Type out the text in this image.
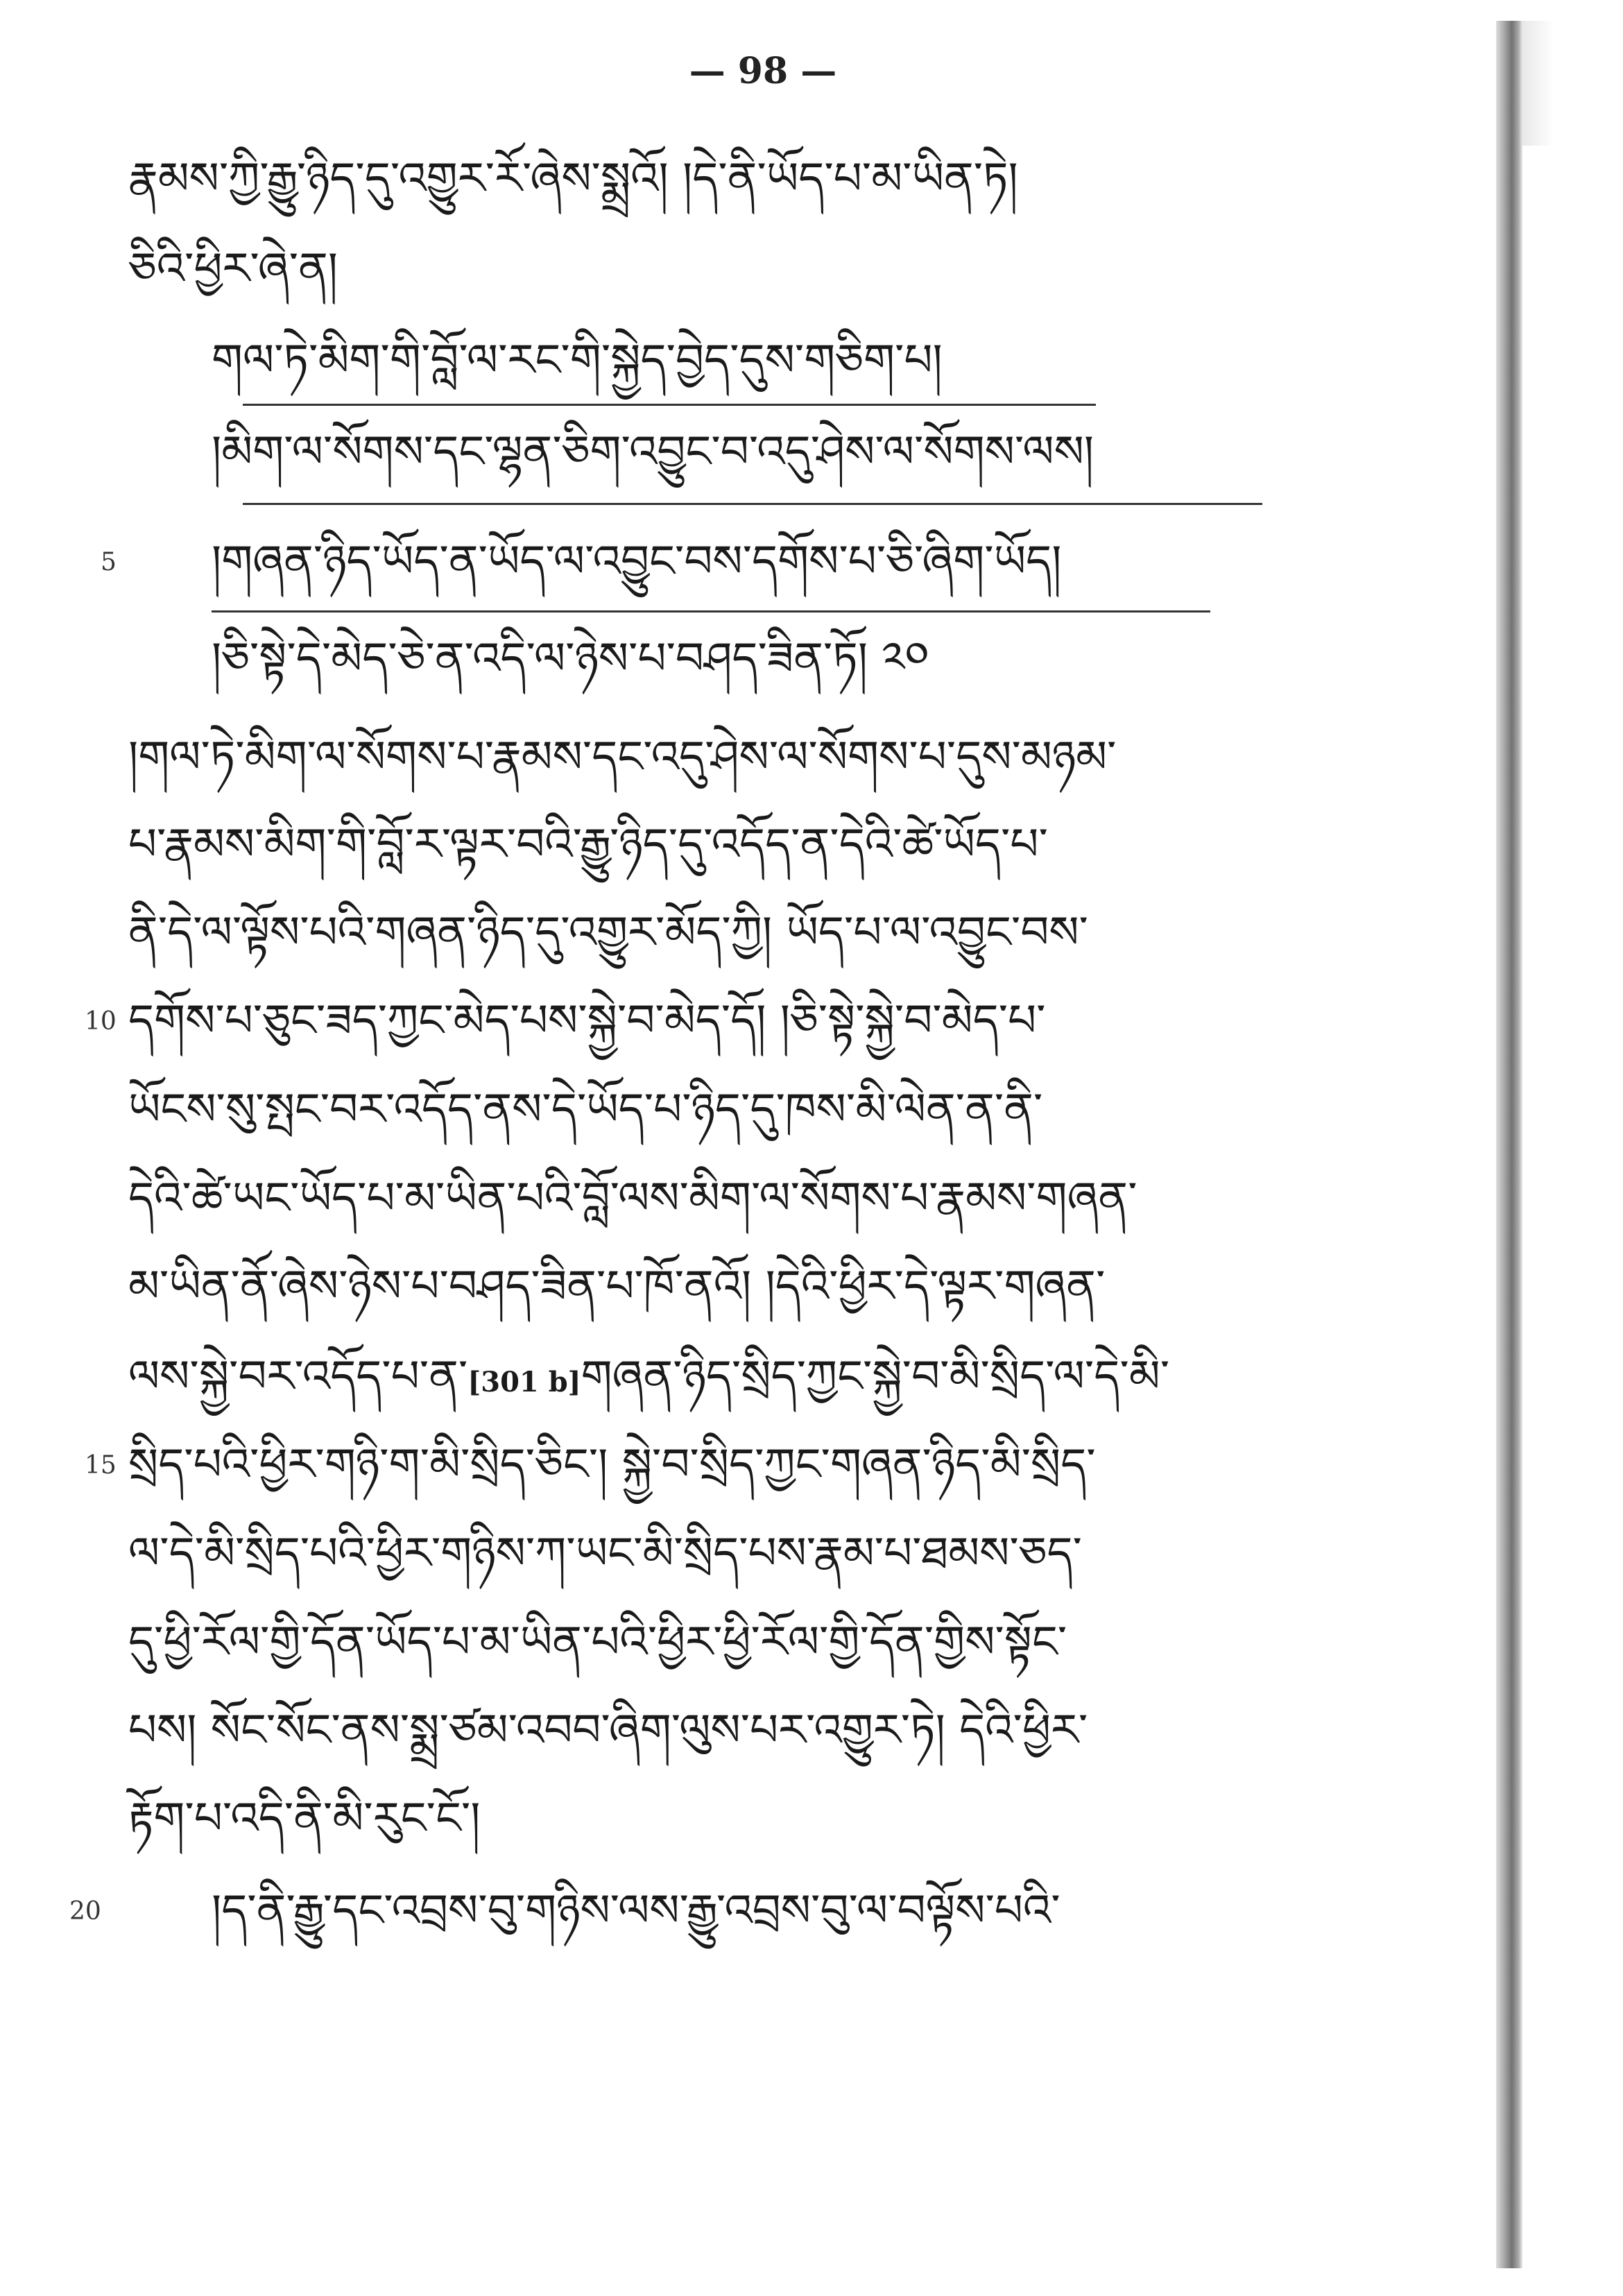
— 98 —
རྣམས་ཀྱི་རྒྱུ་ཉིད་དུ་འགྱུར་རོ་ཞེས་སྨྲའོ། །དེ་ནི་ཡོད་པ་མ་ཡིན་ཏེ།
ཅིའི་ཕྱིར་ཞེ་ན།
གལ་ཏེ་མིག་གི་བློ་ལ་རང་གི་སྐྱེད་བྱེད་དུས་གཅིག་པ།
།མིག་ལ་སོགས་དང་ལྷན་ཅིག་འབྱུང་བ་འདུ་ཤེས་ལ་སོགས་ལས།
5 །གཞན་ཉིད་ཡོད་ན་ཡོད་ལ་འབྱུང་བས་དགོས་པ་ཅི་ཞིག་ཡོད།
།ཅི་སྟེ་དེ་མེད་ཅེ་ན་འདི་ལ་ཉེས་པ་བཤད་ཟིན་ཏོ། ༢༠
།གལ་ཏེ་མིག་ལ་སོགས་པ་རྣམས་དང་འདུ་ཤེས་ལ་སོགས་པ་དུས་མཉམ་
པ་རྣམས་མིག་གི་བློ་ར་ལྟར་བའི་རྒྱུ་ཉིད་དུ་འདོད་ན་དེའི་ཚེ་ཡོད་པ་
ནི་དེ་ལ་ལྟོས་པའི་གཞན་ཉིད་དུ་འགྱུར་མོད་ཀྱི། ཡོད་པ་ལ་འབྱུང་བས་
10 དགོས་པ་ཅུང་ཟད་ཀྱང་མེད་པས་སྐྱེ་བ་མེད་དོ། །ཅི་སྟེ་སྐྱེ་བ་མེད་པ་
ཡོངས་སུ་སྤང་བར་འདོད་ནས་དེ་ཡོད་པ་ཉིད་དུ་ཁས་མི་ལེན་ན་ནི་
དེའི་ཚེ་ཡང་ཡོད་པ་མ་ཡིན་པའི་བློ་ལས་མིག་ལ་སོགས་པ་རྣམས་གཞན་
མ་ཡིན་ནོ་ཞེས་ཉེས་པ་བཤད་ཟིན་པ་ཁོ་ནའོ། །དེའི་ཕྱིར་དེ་ལྟར་གཞན་
ལས་སྐྱེ་བར་འདོད་པ་ན་[301 b]གཞན་ཉིད་སྲིད་ཀྱང་སྐྱེ་བ་མི་སྲིད་ལ་དེ་མི་
15 སྲིད་པའི་ཕྱིར་གཉི་ག་མི་སྲིད་ཅིང་། སྐྱེ་བ་སྲིད་ཀྱང་གཞན་ཉིད་མི་སྲིད་
ལ་དེ་མི་སྲིད་པའི་ཕྱིར་གཉིས་ཀ་ཡང་མི་སྲིད་པས་རྣམ་པ་ཐམས་ཅད་
དུ་ཕྱི་རོལ་གྱི་དོན་ཡོད་པ་མ་ཡིན་པའི་ཕྱིར་ཕྱི་རོལ་གྱི་དོན་གྱིས་སྟོང་
པས། སོང་སོང་ནས་སྨྲ་ཙམ་འབབ་ཞིག་ལུས་པར་འགྱུར་ཏེ། དེའི་ཕྱིར་
རྟོག་པ་འདི་ནི་མི་རུང་ངོ་།
20 །ད་ནི་རྒྱུ་དང་འབྲས་བུ་གཉིས་ལས་རྒྱུ་འབྲས་བུ་ལ་བལྟོས་པའི་
